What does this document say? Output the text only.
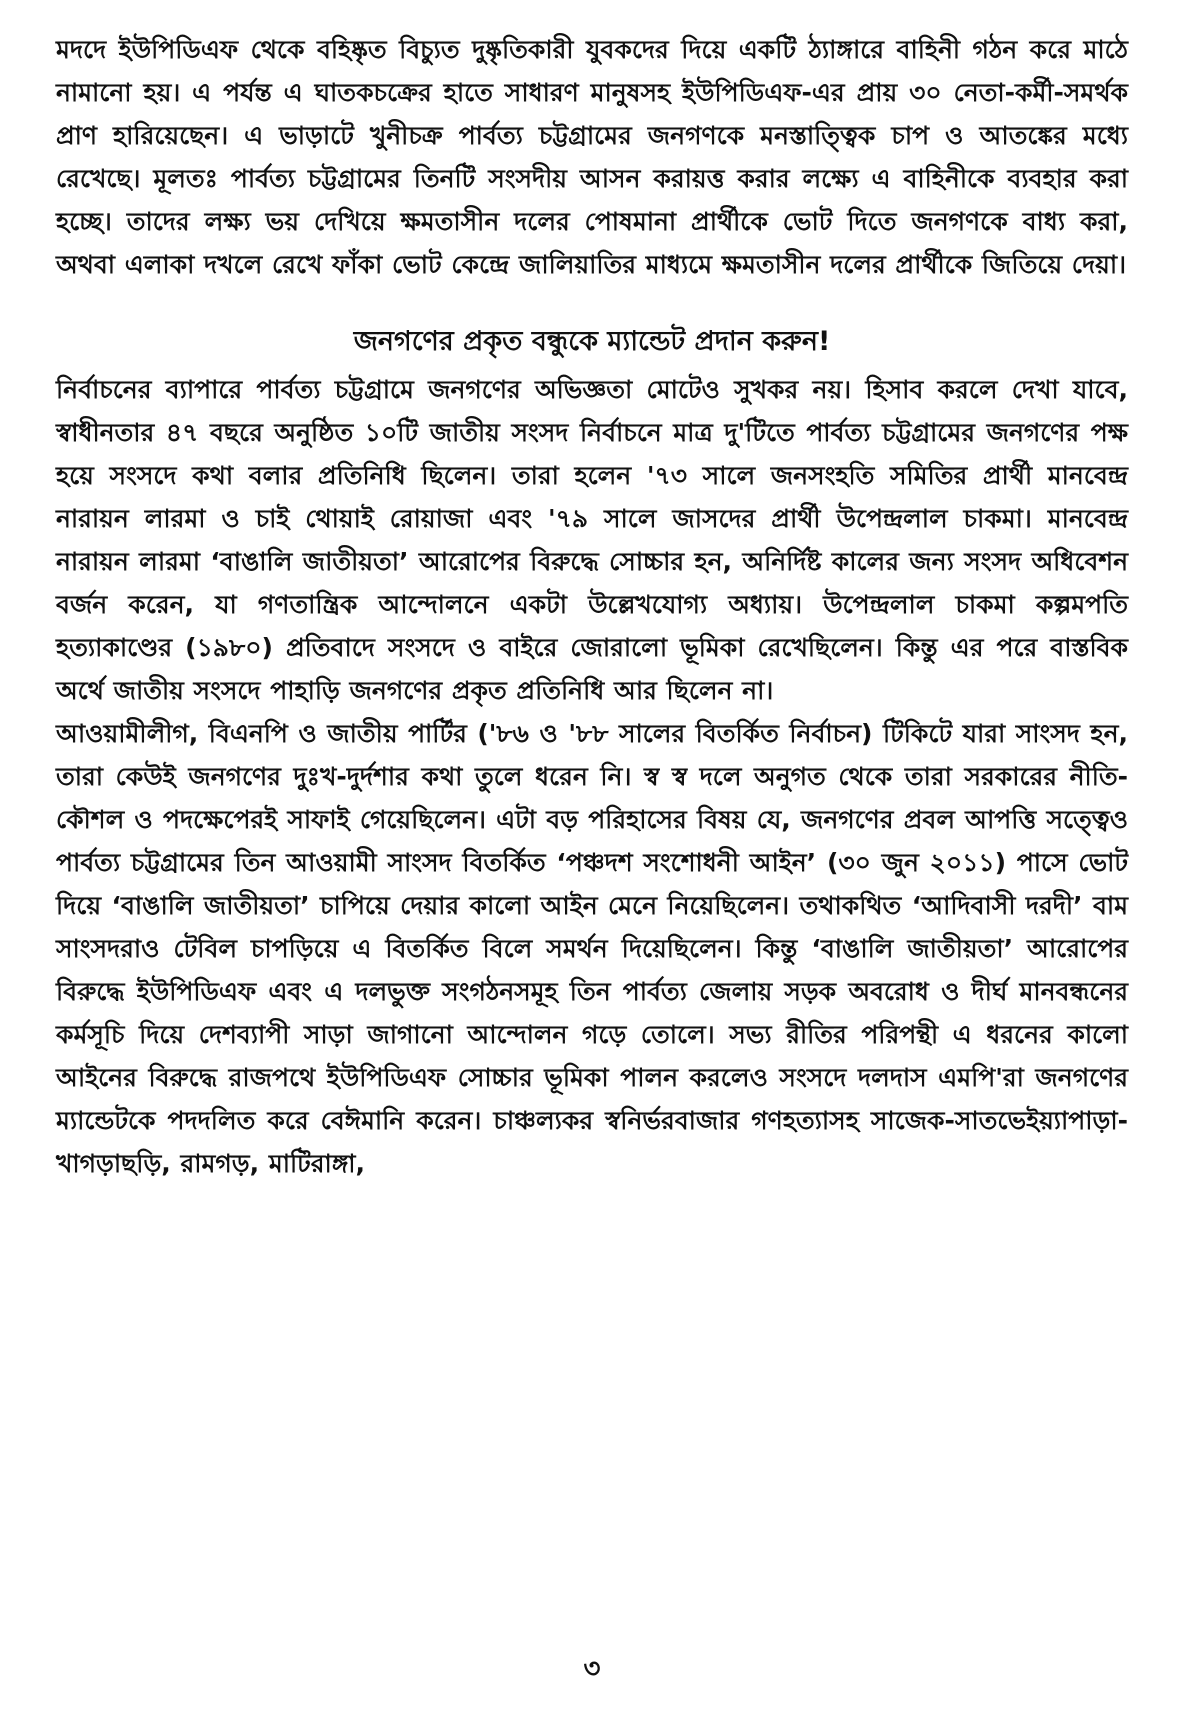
মদদে ইউপিডিএফ থেকে বহিষ্কৃত বিচ্যুত দুষ্কৃতিকারী যুবকদের দিয়ে একটি ঠ্যাঙ্গারে বাহিনী গঠন করে মাঠে নামানো হয়। এ পর্যন্ত এ ঘাতকচক্রের হাতে সাধারণ মানুষসহ ইউপিডিএফ-এর প্রায় ৩০ নেতা-কর্মী-সমর্থক প্রাণ হারিয়েছেন। এ ভাড়াটে খুনীচক্র পার্বত্য চট্টগ্রামের জনগণকে মনস্তাত্ত্বিক চাপ ও আতঙ্কের মধ্যে রেখেছে। মূলতঃ পার্বত্য চট্টগ্রামের তিনটি সংসদীয় আসন করায়ত্ত করার লক্ষ্যে এ বাহিনীকে ব্যবহার করা হচ্ছে। তাদের লক্ষ্য ভয় দেখিয়ে ক্ষমতাসীন দলের পোষমানা প্রার্থীকে ভোট দিতে জনগণকে বাধ্য করা, অথবা এলাকা দখলে রেখে ফাঁকা ভোট কেন্দ্রে জালিয়াতির মাধ্যমে ক্ষমতাসীন দলের প্রার্থীকে জিতিয়ে দেয়া।

জনগণের প্রকৃত বন্ধুকে ম্যান্ডেট প্রদান করুন!

নির্বাচনের ব্যাপারে পার্বত্য চট্টগ্রামে জনগণের অভিজ্ঞতা মোটেও সুখকর নয়। হিসাব করলে দেখা যাবে, স্বাধীনতার ৪৭ বছরে অনুষ্ঠিত ১০টি জাতীয় সংসদ নির্বাচনে মাত্র দু'টিতে পার্বত্য চট্টগ্রামের জনগণের পক্ষ হয়ে সংসদে কথা বলার প্রতিনিধি ছিলেন। তারা হলেন '৭৩ সালে জনসংহতি সমিতির প্রার্থী মানবেন্দ্র নারায়ন লারমা ও চাই থোয়াই রোয়াজা এবং '৭৯ সালে জাসদের প্রার্থী উপেন্দ্রলাল চাকমা। মানবেন্দ্র নারায়ন লারমা ‘বাঙালি জাতীয়তা’ আরোপের বিরুদ্ধে সোচ্চার হন, অনির্দিষ্ট কালের জন্য সংসদ অধিবেশন বর্জন করেন, যা গণতান্ত্রিক আন্দোলনে একটা উল্লেখযোগ্য অধ্যায়। উপেন্দ্রলাল চাকমা কল্পমপতি হত্যাকাণ্ডের (১৯৮০) প্রতিবাদে সংসদে ও বাইরে জোরালো ভূমিকা রেখেছিলেন। কিন্তু এর পরে বাস্তবিক অর্থে জাতীয় সংসদে পাহাড়ি জনগণের প্রকৃত প্রতিনিধি আর ছিলেন না।

আওয়ামীলীগ, বিএনপি ও জাতীয় পার্টির ('৮৬ ও '৮৮ সালের বিতর্কিত নির্বাচন) টিকিটে যারা সাংসদ হন, তারা কেউই জনগণের দুঃখ-দুর্দশার কথা তুলে ধরেন নি। স্ব স্ব দলে অনুগত থেকে তারা সরকারের নীতি-কৌশল ও পদক্ষেপেরই সাফাই গেয়েছিলেন। এটা বড় পরিহাসের বিষয় যে, জনগণের প্রবল আপত্তি সত্ত্বেও পার্বত্য চট্টগ্রামের তিন আওয়ামী সাংসদ বিতর্কিত ‘পঞ্চদশ সংশোধনী আইন’ (৩০ জুন ২০১১) পাসে ভোট দিয়ে ‘বাঙালি জাতীয়তা’ চাপিয়ে দেয়ার কালো আইন মেনে নিয়েছিলেন। তথাকথিত ‘আদিবাসী দরদী’ বাম সাংসদরাও টেবিল চাপড়িয়ে এ বিতর্কিত বিলে সমর্থন দিয়েছিলেন। কিন্তু ‘বাঙালি জাতীয়তা’ আরোপের বিরুদ্ধে ইউপিডিএফ এবং এ দলভুক্ত সংগঠনসমূহ তিন পার্বত্য জেলায় সড়ক অবরোধ ও দীর্ঘ মানবন্ধনের কর্মসূচি দিয়ে দেশব্যাপী সাড়া জাগানো আন্দোলন গড়ে তোলে। সভ্য রীতির পরিপন্থী এ ধরনের কালো আইনের বিরুদ্ধে রাজপথে ইউপিডিএফ সোচ্চার ভূমিকা পালন করলেও সংসদে দলদাস এমপি'রা জনগণের ম্যান্ডেটকে পদদলিত করে বেঈমানি করেন। চাঞ্চল্যকর স্বনির্ভরবাজার গণহত্যাসহ সাজেক-সাতভেইয়্যাপাড়া-খাগড়াছড়ি, রামগড়, মাটিরাঙ্গা,

৩
